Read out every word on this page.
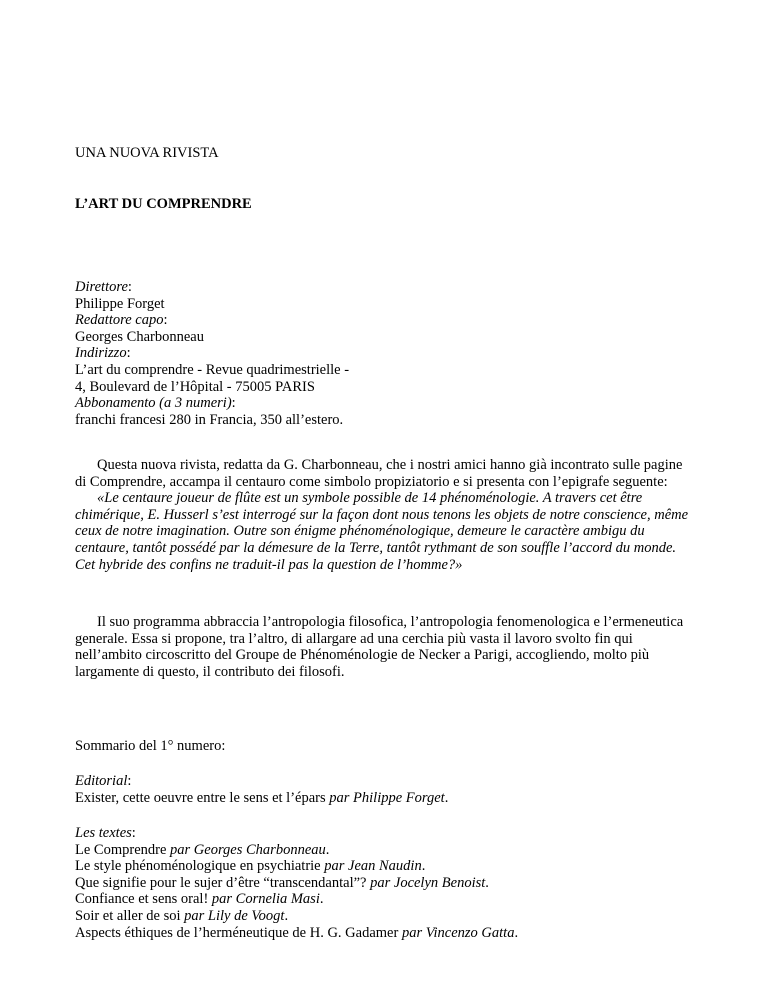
UNA NUOVA RIVISTA
L’ART DU COMPRENDRE
Direttore:
Philippe Forget
Redattore capo:
Georges Charbonneau
Indirizzo:
L’art du comprendre - Revue quadrimestrielle -
4, Boulevard de l’Hôpital - 75005 PARIS
Abbonamento (a 3 numeri):
franchi francesi 280 in Francia, 350 all’estero.
Questa nuova rivista, redatta da G. Charbonneau, che i nostri amici hanno già incontrato sulle pagine di Comprendre, accampa il centauro come simbolo propiziatorio e si presenta con l’epigrafe seguente:
«Le centaure joueur de flûte est un symbole possible de 14 phénoménologie. A travers cet être chimérique, E. Husserl s’est interrogé sur la façon dont nous tenons les objets de notre conscience, même ceux de notre imagination. Outre son énigme phénoménologique, demeure le caractère ambigu du centaure, tantôt possédé par la démesure de la Terre, tantôt rythmant de son souffle l’accord du monde. Cet hybride des confins ne traduit-il pas la question de l’homme?»
Il suo programma abbraccia l’antropologia filosofica, l’antropologia fenomenologica e l’ermeneutica generale. Essa si propone, tra l’altro, di allargare ad una cerchia più vasta il lavoro svolto fin qui nell’ambito circoscritto del Groupe de Phénoménologie de Necker a Parigi, accogliendo, molto più largamente di questo, il contributo dei filosofi.
Sommario del 1° numero:
Editorial:
Exister, cette oeuvre entre le sens et l’épars par Philippe Forget.
Les textes:
Le Comprendre par Georges Charbonneau.
Le style phénoménologique en psychiatrie par Jean Naudin.
Que signifie pour le sujer d’être “transcendantal”? par Jocelyn Benoist.
Confiance et sens oral! par Cornelia Masi.
Soir et aller de soi par Lily de Voogt.
Aspects éthiques de l’herméneutique de H. G. Gadamer par Vincenzo Gatta.
